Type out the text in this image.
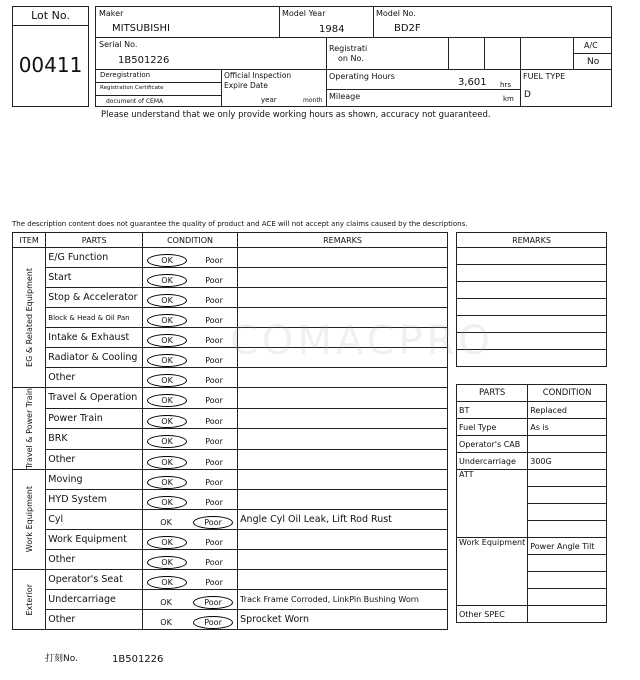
Lot No.
00411
Maker
MITSUBISHI
Model Year
1984
Model No.
BD2F
Serial No.
1B501226
Registrati
on No.
A/C
No
Deregistration
Registration Certificate
document of CEMA
Official Inspection
Expire Date
year	month
Operating Hours
3,601 hrs
Mileage	km
FUEL TYPE
D
Please understand that we only provide working hours as shown, accuracy not guaranteed.
The description content does not guarantee the quality of product and ACE will not accept any claims caused by the descriptions.
ITEM	PARTS	CONDITION	REMARKS

EG & Related Equipment	E/G Function	OK Poor	
	Start	OK Poor	
	Stop & Accelerator	OK Poor	
	Block & Head & Oil Pan	OK Poor	
	Intake & Exhaust	OK Poor	
	Radiator & Cooling	OK Poor	
	Other	OK Poor	

Travel & Power Train	Travel & Operation	OK Poor	
	Power Train	OK Poor	
	BRK	OK Poor	
	Other	OK Poor	

Work Equipment	Moving	OK Poor	
	HYD System	OK Poor	
	Cyl	OK Poor	Angle Cyl Oil Leak, Lift Rod Rust
	Work Equipment	OK Poor	
	Other	OK Poor	

Exterior	Operator's Seat	OK Poor	
	Undercarriage	OK Poor	Track Frame Corroded, LinkPin Bushing Worn
	Other	OK Poor	Sprocket Worn
REMARKS

PARTS	CONDITION
BT	Replaced
Fuel Type	As is
Operator's CAB	
Undercarriage	300G
ATT	

Work Equipment	Power Angle Tilt

Other SPEC	
打刻No.	1B501226
COMACPRO
